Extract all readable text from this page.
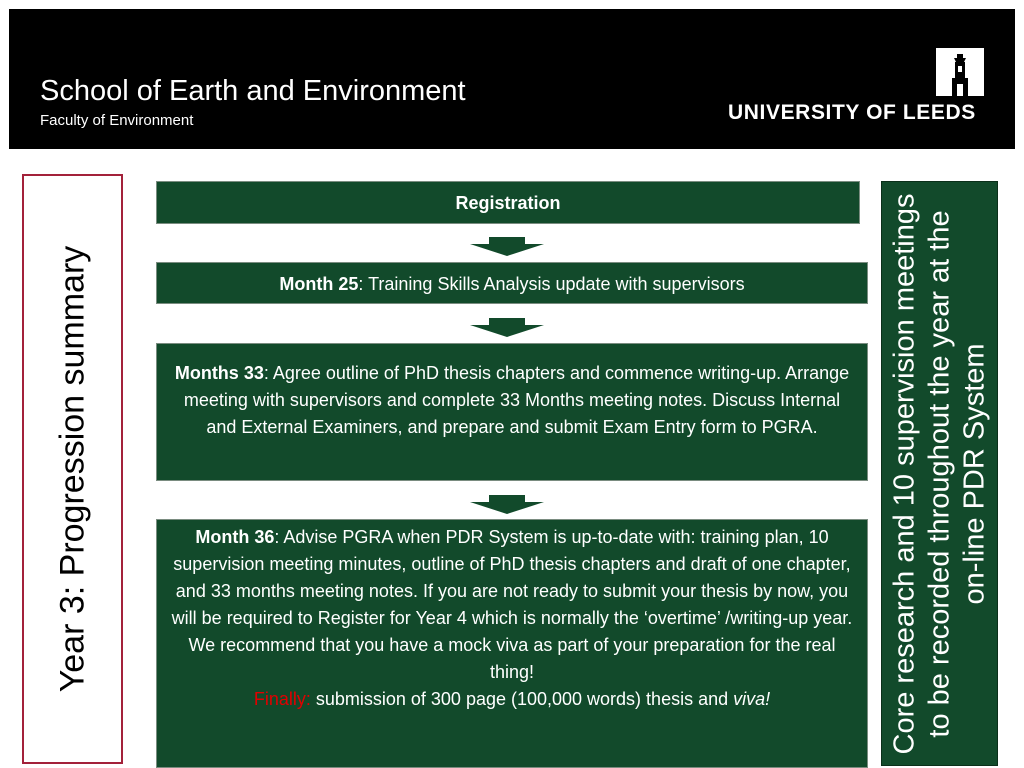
School of Earth and Environment
Faculty of Environment	UNIVERSITY OF LEEDS
Year 3: Progression summary
Registration
Month 25: Training Skills Analysis update with supervisors
Months 33: Agree outline of PhD thesis chapters and commence writing-up. Arrange meeting with supervisors and complete 33 Months meeting notes. Discuss Internal and External Examiners, and prepare and submit Exam Entry form to PGRA.
Month 36: Advise PGRA when PDR System is up-to-date with: training plan, 10 supervision meeting minutes, outline of PhD thesis chapters and draft of one chapter, and 33 months meeting notes. If you are not ready to submit your thesis by now, you will be required to Register for Year 4 which is normally the ‘overtime’ /writing-up year. We recommend that you have a mock viva as part of your preparation for the real thing!
Finally: submission of 300 page (100,000 words) thesis and viva!	Core research and 10 supervision meetings to be recorded throughout the year at the on-line PDR System
